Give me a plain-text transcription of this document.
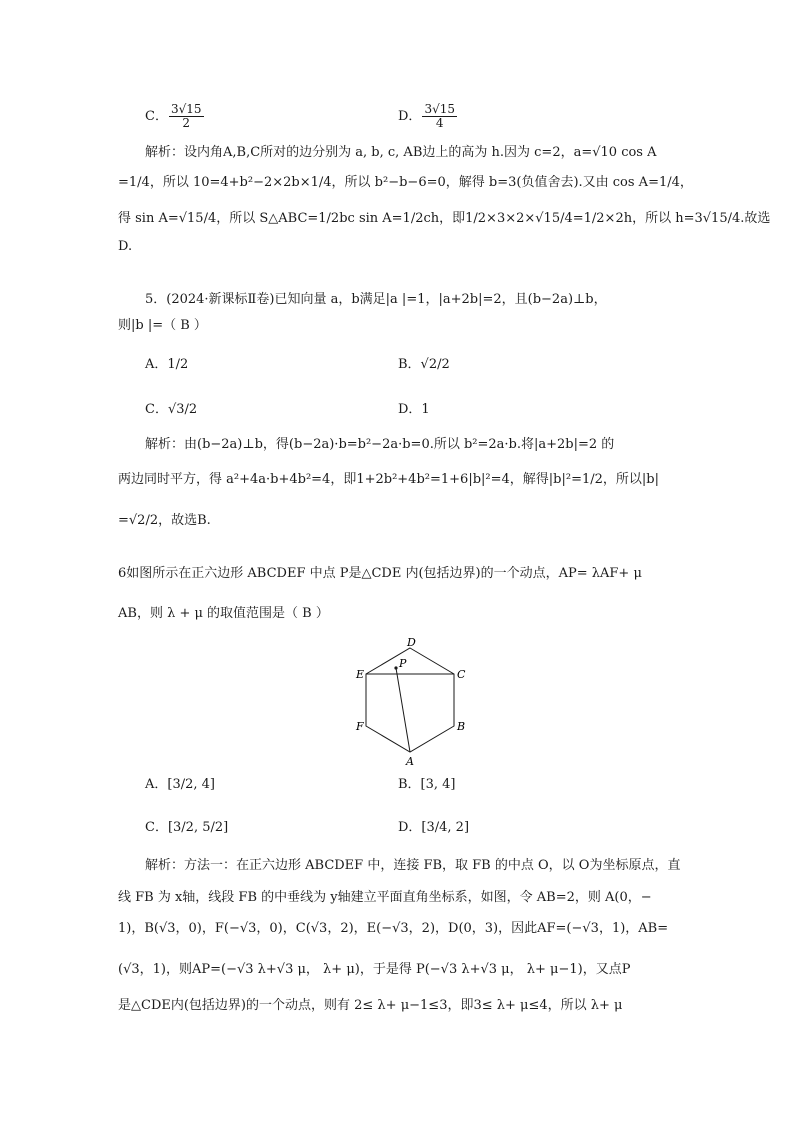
C． $\frac{3√15}{2}$	D． $\frac{3√15}{4}$
解析：设内角A,B,C所对的边分别为 a, b, c, AB边上的高为 h.因为 c=2，a=√10 cos A
=1/4，所以 10=4+b²−2×2b×1/4，所以 b²−b−6=0，解得 b=3(负值舍去).又由 cos A=1/4，
得 sin A=√15/4，所以 S△ABC=1/2bc sin A=1/2ch，即1/2×3×2×√15/4=1/2×2h，所以 h=3√15/4.故选
D.
5．(2024·新课标Ⅱ卷)已知向量 a，b满足|a |=1，|a+2b|=2，且(b−2a)⊥b，
则|b |=（ B ）
A．1/2	B．√2/2
C．√3/2	D．1
解析：由(b−2a)⊥b，得(b−2a)·b=b²−2a·b=0.所以 b²=2a·b.将|a+2b|=2 的
两边同时平方，得 a²+4a·b+4b²=4，即1+2b²+4b²=1+6|b|²=4，解得|b|²=1/2，所以|b|
=√2/2，故选B.
6如图所示在正六边形 ABCDEF 中点 P是△CDE 内(包括边界)的一个动点，AP= λAF+ μ
AB，则 λ + μ 的取值范围是（ B ）
D
C
B
A
F
E
P
A．[3/2, 4]	B．[3, 4]
C．[3/2, 5/2]	D．[3/4, 2]
解析：方法一：在正六边形 ABCDEF 中，连接 FB，取 FB 的中点 O，以 O为坐标原点，直
线 FB 为 x轴，线段 FB 的中垂线为 y轴建立平面直角坐标系，如图，令 AB=2，则 A(0，−
1)，B(√3，0)，F(−√3，0)，C(√3，2)，E(−√3，2)，D(0，3)，因此AF=(−√3，1)，AB=
(√3，1)，则AP=(−√3 λ+√3 μ， λ+ μ)，于是得 P(−√3 λ+√3 μ， λ+ μ−1)，又点P
是△CDE内(包括边界)的一个动点，则有 2≤ λ+ μ−1≤3，即3≤ λ+ μ≤4，所以 λ+ μ
